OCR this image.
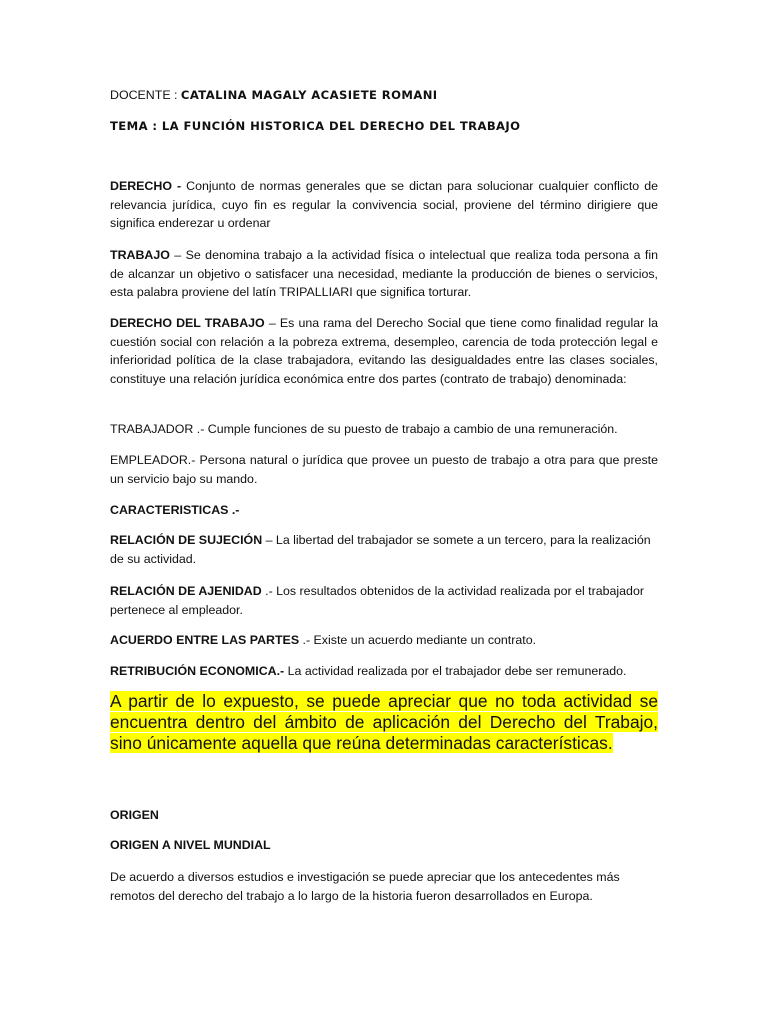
DOCENTE : CATALINA MAGALY ACASIETE ROMANI
TEMA : LA FUNCIÓN HISTORICA DEL DERECHO DEL TRABAJO

DERECHO - Conjunto de normas generales que se dictan para solucionar cualquier conflicto de relevancia jurídica, cuyo fin es regular la convivencia social, proviene del término dirigiere que significa enderezar u ordenar

TRABAJO – Se denomina trabajo a la actividad física o intelectual que realiza toda persona a fin de alcanzar un objetivo o satisfacer una necesidad, mediante la producción de bienes o servicios, esta palabra proviene del latín TRIPALLIARI que significa torturar.

DERECHO DEL TRABAJO – Es una rama del Derecho Social que tiene como finalidad regular la cuestión social con relación a la pobreza extrema, desempleo, carencia de toda protección legal e inferioridad política de la clase trabajadora, evitando las desigualdades entre las clases sociales, constituye una relación jurídica económica entre dos partes (contrato de trabajo) denominada:

TRABAJADOR .- Cumple funciones de su puesto de trabajo a cambio de una remuneración.

EMPLEADOR.- Persona natural o jurídica que provee un puesto de trabajo a otra para que preste un servicio bajo su mando.

CARACTERISTICAS .-

RELACIÓN DE SUJECIÓN – La libertad del trabajador se somete a un tercero, para la realización de su actividad.

RELACIÓN DE AJENIDAD .- Los resultados obtenidos de la actividad realizada por el trabajador pertenece al empleador.

ACUERDO ENTRE LAS PARTES .- Existe un acuerdo mediante un contrato.

RETRIBUCIÓN ECONOMICA.- La actividad realizada por el trabajador debe ser remunerado.

A partir de lo expuesto, se puede apreciar que no toda actividad se encuentra dentro del ámbito de aplicación del Derecho del Trabajo, sino únicamente aquella que reúna determinadas características.

ORIGEN
ORIGEN A NIVEL MUNDIAL

De acuerdo a diversos estudios e investigación se puede apreciar que los antecedentes más remotos del derecho del trabajo a lo largo de la historia fueron desarrollados en Europa.
